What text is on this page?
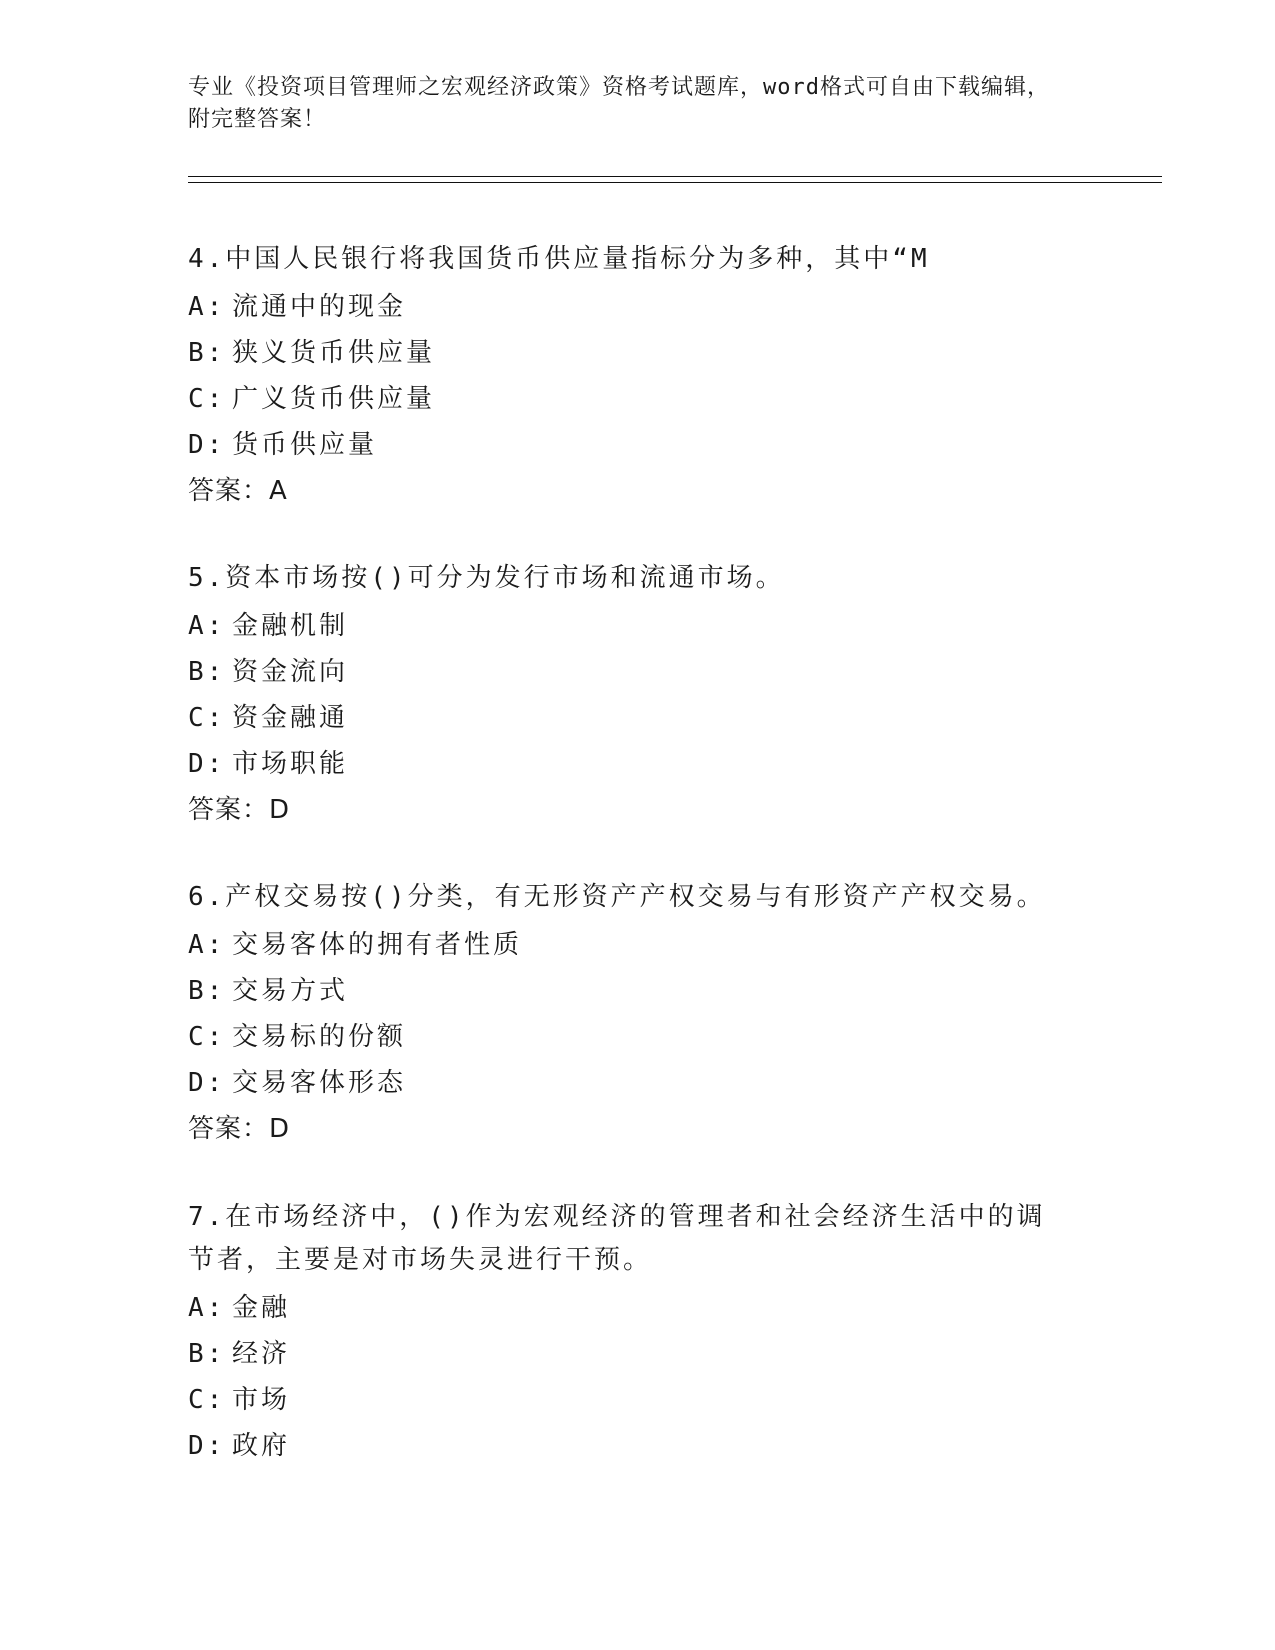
专业《投资项目管理师之宏观经济政策》资格考试题库，word格式可自由下载编辑，附完整答案！
4.中国人民银行将我国货币供应量指标分为多种，其中“M
A: 流通中的现金
B: 狭义货币供应量
C: 广义货币供应量
D: 货币供应量
答案：A
5.资本市场按()可分为发行市场和流通市场。
A: 金融机制
B: 资金流向
C: 资金融通
D: 市场职能
答案：D
6.产权交易按()分类，有无形资产产权交易与有形资产产权交易。
A: 交易客体的拥有者性质
B: 交易方式
C: 交易标的份额
D: 交易客体形态
答案：D
7.在市场经济中，()作为宏观经济的管理者和社会经济生活中的调节者，主要是对市场失灵进行干预。
A: 金融
B: 经济
C: 市场
D: 政府
